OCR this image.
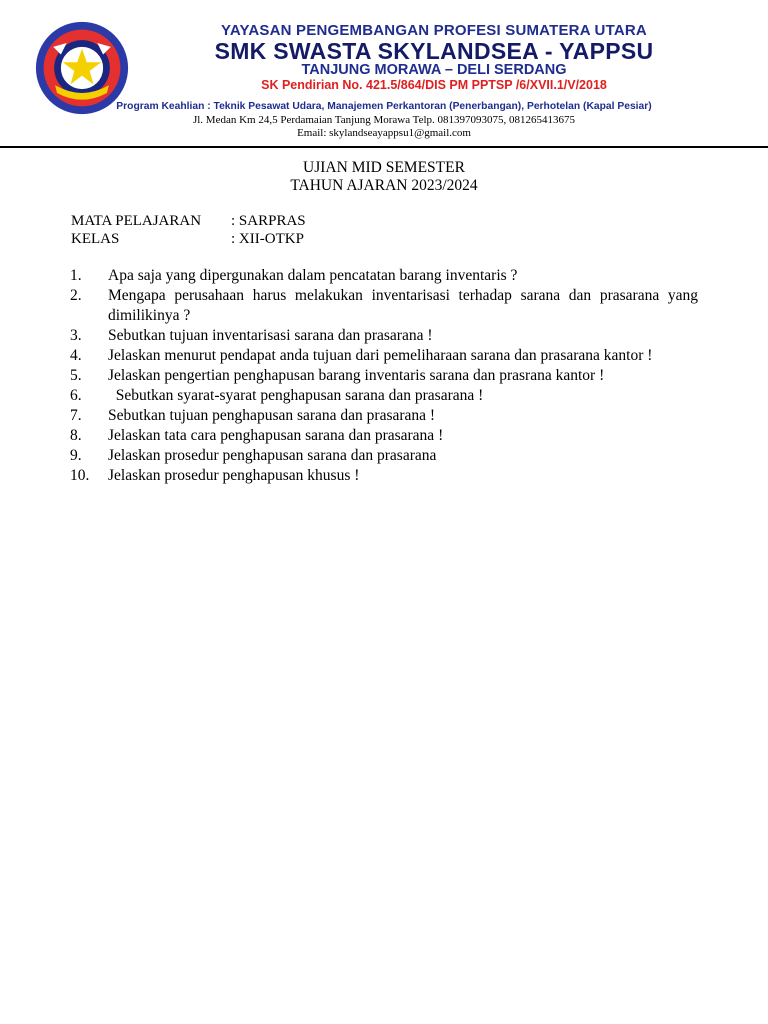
YAYASAN PENGEMBANGAN PROFESI SUMATERA UTARA
SMK SWASTA SKYLANDSEA - YAPPSU
TANJUNG MORAWA – DELI SERDANG
SK Pendirian No. 421.5/864/DIS PM PPTSP /6/XVII.1/V/2018
Program Keahlian : Teknik Pesawat Udara, Manajemen Perkantoran (Penerbangan), Perhotelan (Kapal Pesiar)
Jl. Medan Km 24,5 Perdamaian Tanjung Morawa Telp. 081397093075, 081265413675
Email: skylandseayappsu1@gmail.com
UJIAN MID SEMESTER
TAHUN AJARAN 2023/2024
MATA PELAJARAN : SARPRAS
KELAS	: XII-OTKP
1.	Apa saja yang dipergunakan dalam pencatatan barang inventaris ?
2.	Mengapa perusahaan harus melakukan inventarisasi terhadap sarana dan prasarana yang dimilikinya ?
3.	Sebutkan tujuan inventarisasi sarana dan prasarana !
4.	Jelaskan menurut pendapat anda tujuan dari pemeliharaan sarana dan prasarana kantor !
5.	Jelaskan pengertian penghapusan barang inventaris sarana dan prasrana kantor !
6.	Sebutkan syarat-syarat penghapusan sarana dan prasarana !
7.	Sebutkan tujuan penghapusan sarana dan prasarana !
8.	Jelaskan tata cara penghapusan sarana dan prasarana !
9.	Jelaskan prosedur penghapusan sarana dan prasarana
10.	Jelaskan prosedur penghapusan khusus !
